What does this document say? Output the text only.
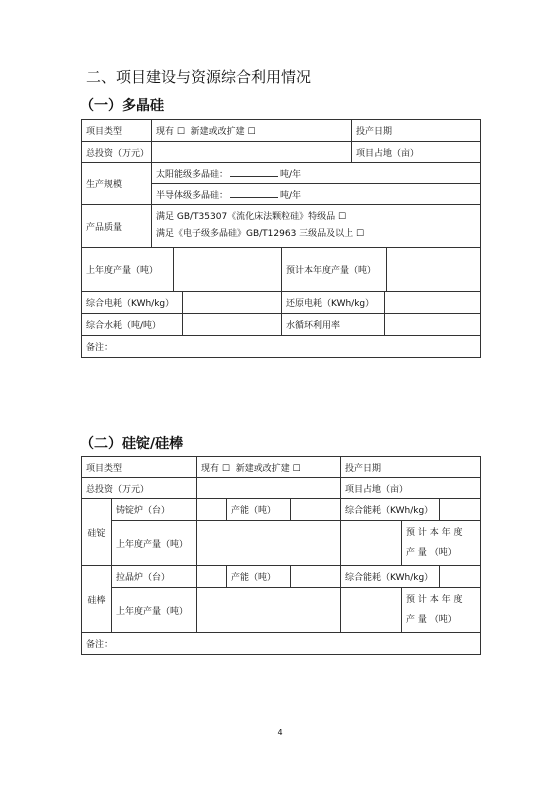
二、项目建设与资源综合利用情况
（一）多晶硅
项目类型	现有 ☐ 新建或改扩建 ☐		投产日期
总投资（万元）			项目占地（亩）
生产规模	太阳能级多晶硅： 吨/年		
	半导体级多晶硅： 吨/年		
产品质量	满足 GB/T35307《流化床法颗粒硅》特级品 ☐
满足《电子级多晶硅》GB/T12963 三级品及以上 ☐		

上年度产量（吨）		预计本年度产量（吨）	

综合电耗（KWh/kg）		还原电耗（KWh/kg）	

综合水耗（吨/吨）		水循环利用率	

备注：			
（二）硅锭/硅棒
项目类型		现有 ☐ 新建或改扩建 ☐			投产日期	
总投资（万元）					项目占地（亩）	
硅锭	铸锭炉（台）		产能（吨）		综合能耗（KWh/kg）	

上年度产量（吨）				预 计 本 年 度
产 量 （吨）	

硅棒	拉晶炉（台）		产能（吨）		综合能耗（KWh/kg）	

上年度产量（吨）				预 计 本 年 度
产 量 （吨）	

备注：						
4
